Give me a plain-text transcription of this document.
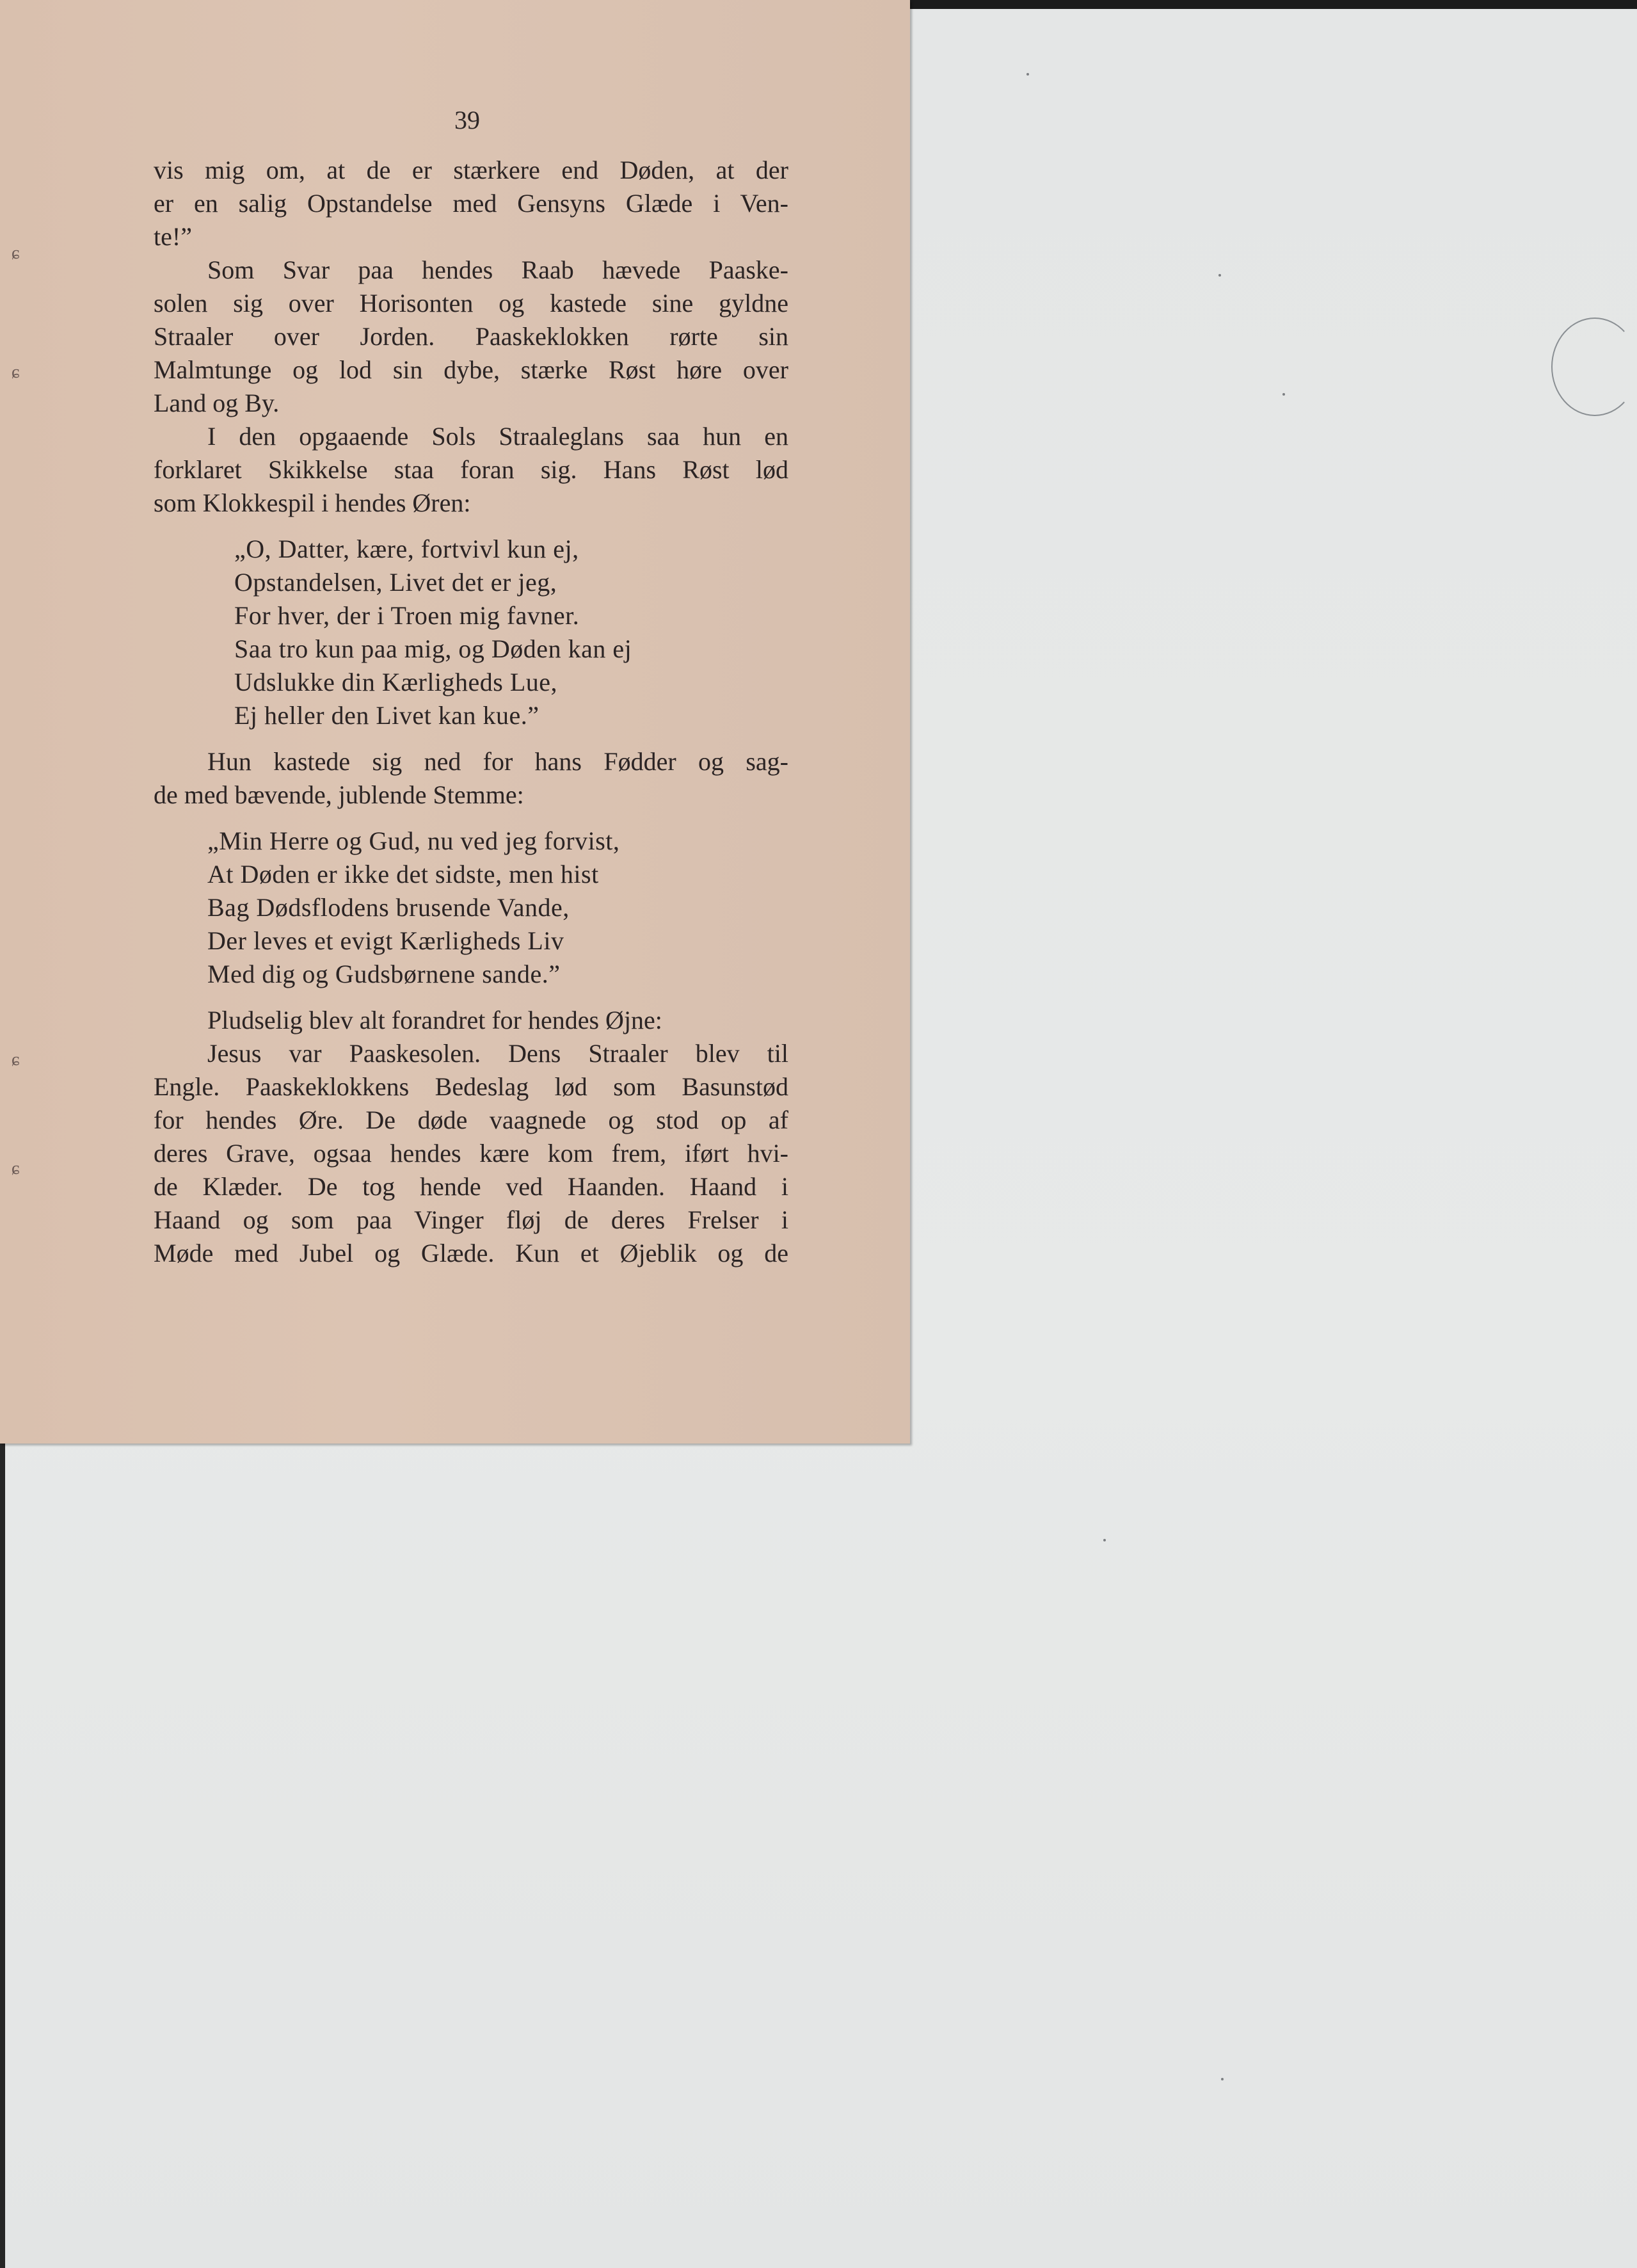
ɕ
ɕ
ɕ
ɕ
39

vis mig om, at de er stærkere end Døden, at der
er en salig Opstandelse med Gensyns Glæde i Ven-
te!”

Som Svar paa hendes Raab hævede Paaske-
solen sig over Horisonten og kastede sine gyldne
Straaler over Jorden. Paaskeklokken rørte sin
Malmtunge og lod sin dybe, stærke Røst høre over
Land og By.

I den opgaaende Sols Straaleglans saa hun en
forklaret Skikkelse staa foran sig. Hans Røst lød
som Klokkespil i hendes Øren:

„O, Datter, kære, fortvivl kun ej,
Opstandelsen, Livet det er jeg,
For hver, der i Troen mig favner.
Saa tro kun paa mig, og Døden kan ej
Udslukke din Kærligheds Lue,
Ej heller den Livet kan kue.”

Hun kastede sig ned for hans Fødder og sag-
de med bævende, jublende Stemme:

„Min Herre og Gud, nu ved jeg forvist,
At Døden er ikke det sidste, men hist
Bag Dødsflodens brusende Vande,
Der leves et evigt Kærligheds Liv
Med dig og Gudsbørnene sande.”

Pludselig blev alt forandret for hendes Øjne:

Jesus var Paaskesolen. Dens Straaler blev til
Engle. Paaskeklokkens Bedeslag lød som Basunstød
for hendes Øre. De døde vaagnede og stod op af
deres Grave, ogsaa hendes kære kom frem, iført hvi-
de Klæder. De tog hende ved Haanden. Haand i
Haand og som paa Vinger fløj de deres Frelser i
Møde med Jubel og Glæde. Kun et Øjeblik og de
